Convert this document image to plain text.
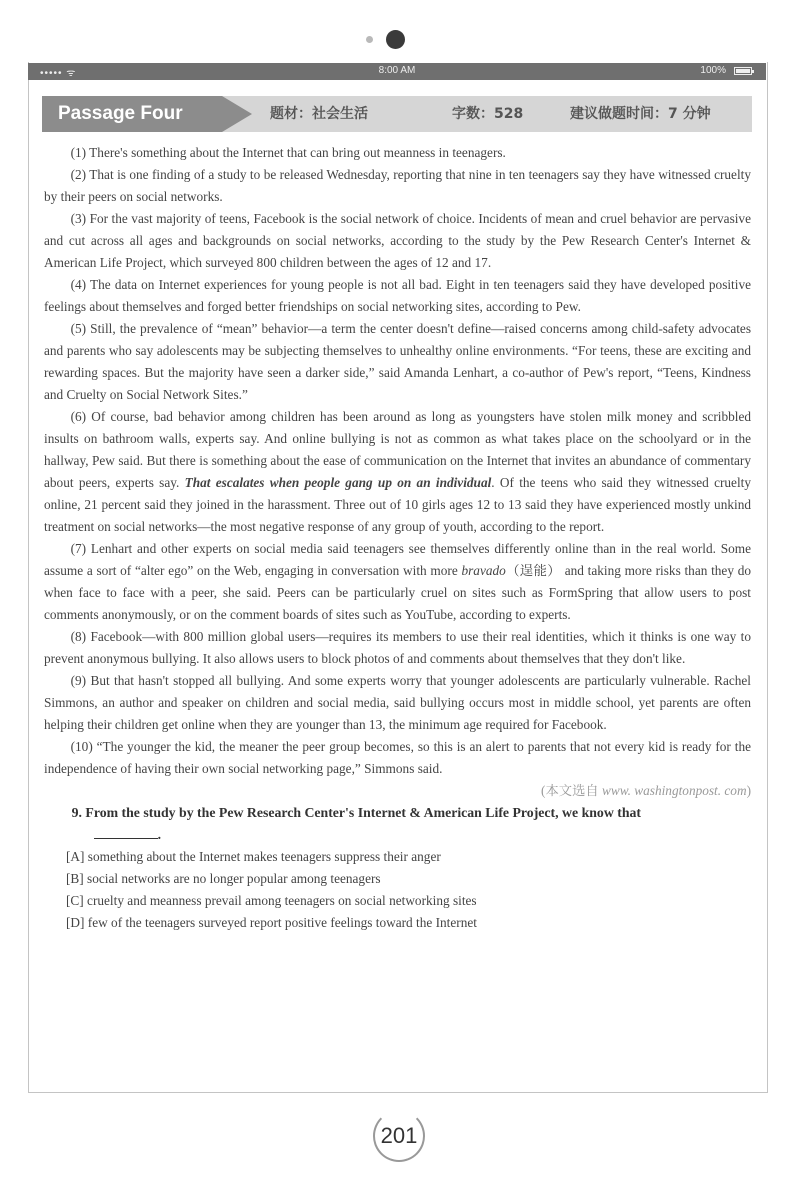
••••• ᯤ	8:00 AM	100%
Passage Four	题材：社会生活	字数：528	建议做题时间：7 分钟

(1) There's something about the Internet that can bring out meanness in teenagers.

(2) That is one finding of a study to be released Wednesday, reporting that nine in ten teenagers say they have witnessed cruelty by their peers on social networks.

(3) For the vast majority of teens, Facebook is the social network of choice. Incidents of mean and cruel behavior are pervasive and cut across all ages and backgrounds on social networks, according to the study by the Pew Research Center's Internet & American Life Project, which surveyed 800 children between the ages of 12 and 17.

(4) The data on Internet experiences for young people is not all bad. Eight in ten teenagers said they have developed positive feelings about themselves and forged better friendships on social networking sites, according to Pew.

(5) Still, the prevalence of “mean” behavior—a term the center doesn't define—raised concerns among child-safety advocates and parents who say adolescents may be subjecting themselves to unhealthy online environments. “For teens, these are exciting and rewarding spaces. But the majority have seen a darker side,” said Amanda Lenhart, a co-author of Pew's report, “Teens, Kindness and Cruelty on Social Network Sites.”

(6) Of course, bad behavior among children has been around as long as youngsters have stolen milk money and scribbled insults on bathroom walls, experts say. And online bullying is not as common as what takes place on the schoolyard or in the hallway, Pew said. But there is something about the ease of communication on the Internet that invites an abundance of commentary about peers, experts say. That escalates when people gang up on an individual. Of the teens who said they witnessed cruelty online, 21 percent said they joined in the harassment. Three out of 10 girls ages 12 to 13 said they have experienced mostly unkind treatment on social networks—the most negative response of any group of youth, according to the report.

(7) Lenhart and other experts on social media said teenagers see themselves differently online than in the real world. Some assume a sort of “alter ego” on the Web, engaging in conversation with more bravado（逞能） and taking more risks than they do when face to face with a peer, she said. Peers can be particularly cruel on sites such as FormSpring that allow users to post comments anonymously, or on the comment boards of sites such as YouTube, according to experts.

(8) Facebook—with 800 million global users—requires its members to use their real identities, which it thinks is one way to prevent anonymous bullying. It also allows users to block photos of and comments about themselves that they don't like.

(9) But that hasn't stopped all bullying. And some experts worry that younger adolescents are particularly vulnerable. Rachel Simmons, an author and speaker on children and social media, said bullying occurs most in middle school, yet parents are often helping their children get online when they are younger than 13, the minimum age required for Facebook.

(10) “The younger the kid, the meaner the peer group becomes, so this is an alert to parents that not every kid is ready for the independence of having their own social networking page,” Simmons said.

(本文选自 www. washingtonpost. com)

9. From the study by the Pew Research Center's Internet & American Life Project, we know that

.

[A] something about the Internet makes teenagers suppress their anger
[B] social networks are no longer popular among teenagers
[C] cruelty and meanness prevail among teenagers on social networking sites
[D] few of the teenagers surveyed report positive feelings toward the Internet
201
